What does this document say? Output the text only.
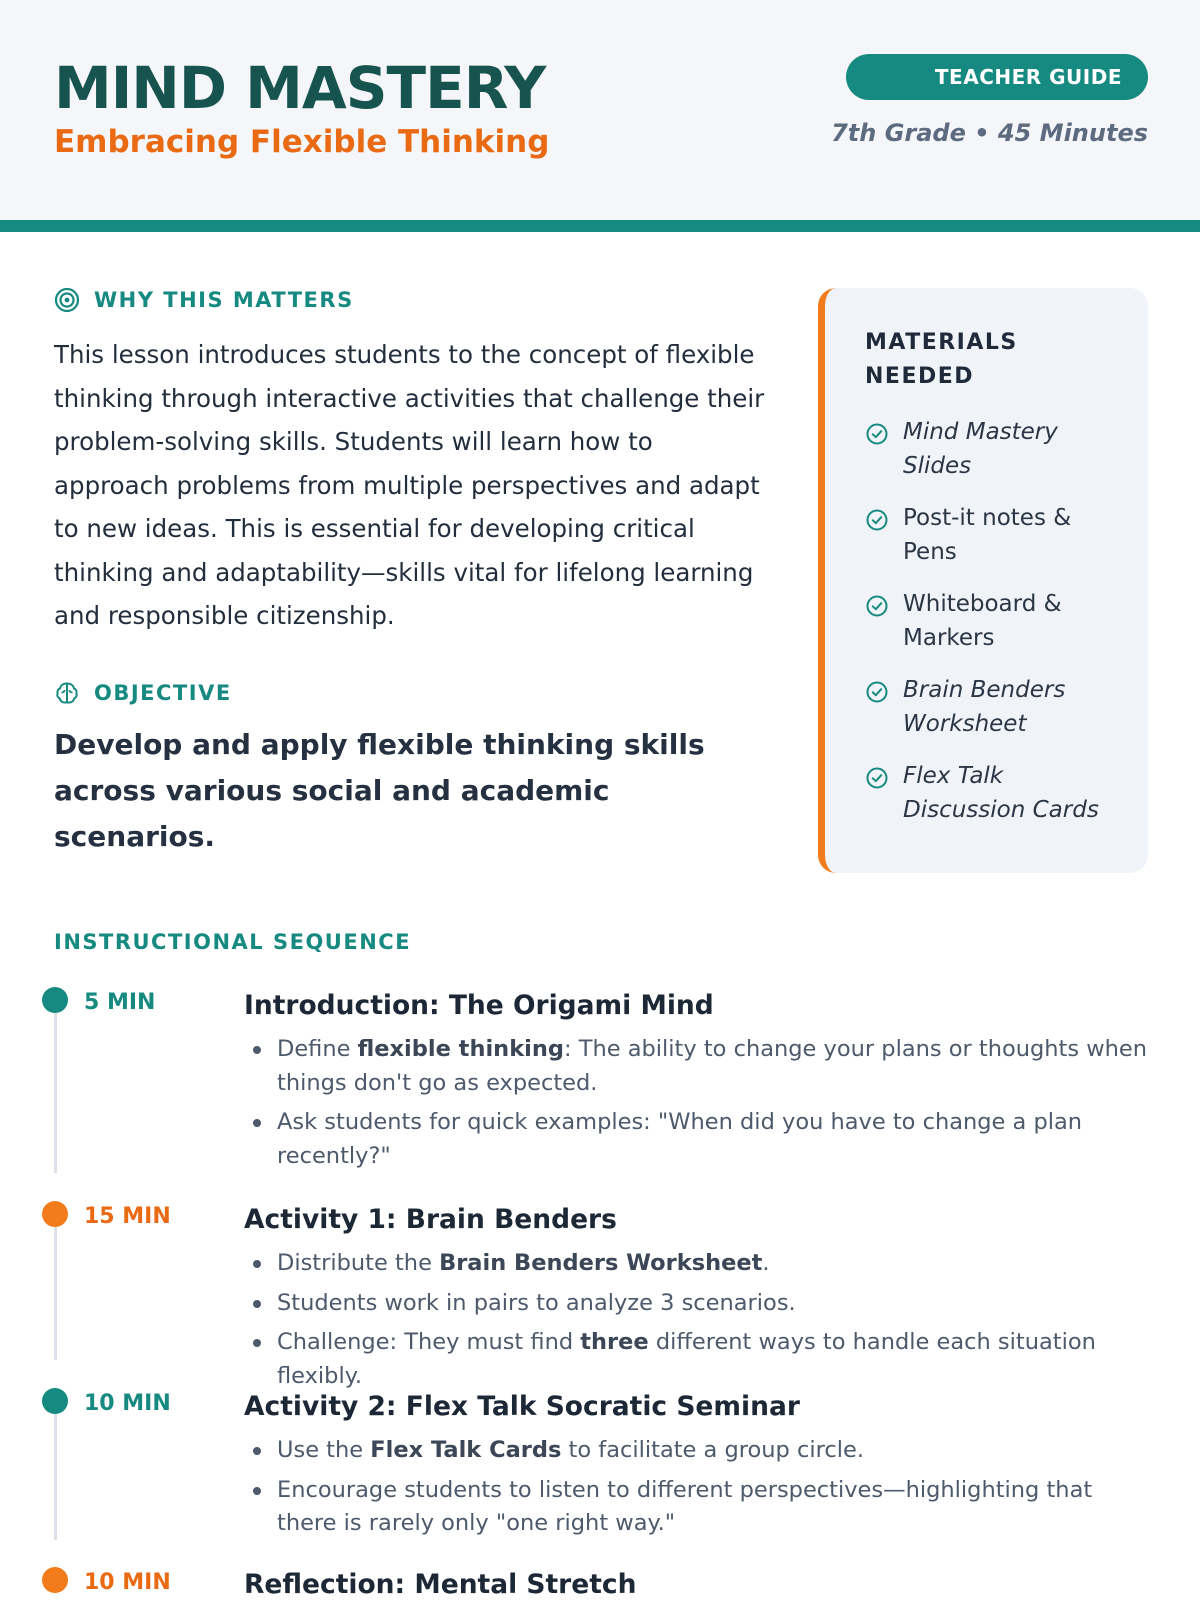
MIND MASTERY
Embracing Flexible Thinking
TEACHER GUIDE
7th Grade • 45 Minutes
WHY THIS MATTERS

This lesson introduces students to the concept of flexible thinking through interactive activities that challenge their problem-solving skills. Students will learn how to approach problems from multiple perspectives and adapt to new ideas. This is essential for developing critical thinking and adaptability—skills vital for lifelong learning and responsible citizenship.

OBJECTIVE

Develop and apply flexible thinking skills across various social and academic scenarios.

MATERIALS NEEDED
Mind Mastery Slides
Post-it notes & Pens
Whiteboard & Markers
Brain Benders Worksheet
Flex Talk Discussion Cards
INSTRUCTIONAL SEQUENCE
5 MIN	Introduction: The Origami Mind
Define flexible thinking: The ability to change your plans or thoughts when things don't go as expected.
Ask students for quick examples: "When did you have to change a plan recently?"
15 MIN	Activity 1: Brain Benders
Distribute the Brain Benders Worksheet.
Students work in pairs to analyze 3 scenarios.
Challenge: They must find three different ways to handle each situation flexibly.
10 MIN	Activity 2: Flex Talk Socratic Seminar
Use the Flex Talk Cards to facilitate a group circle.
Encourage students to listen to different perspectives—highlighting that there is rarely only "one right way."
10 MIN	Reflection: Mental Stretch
